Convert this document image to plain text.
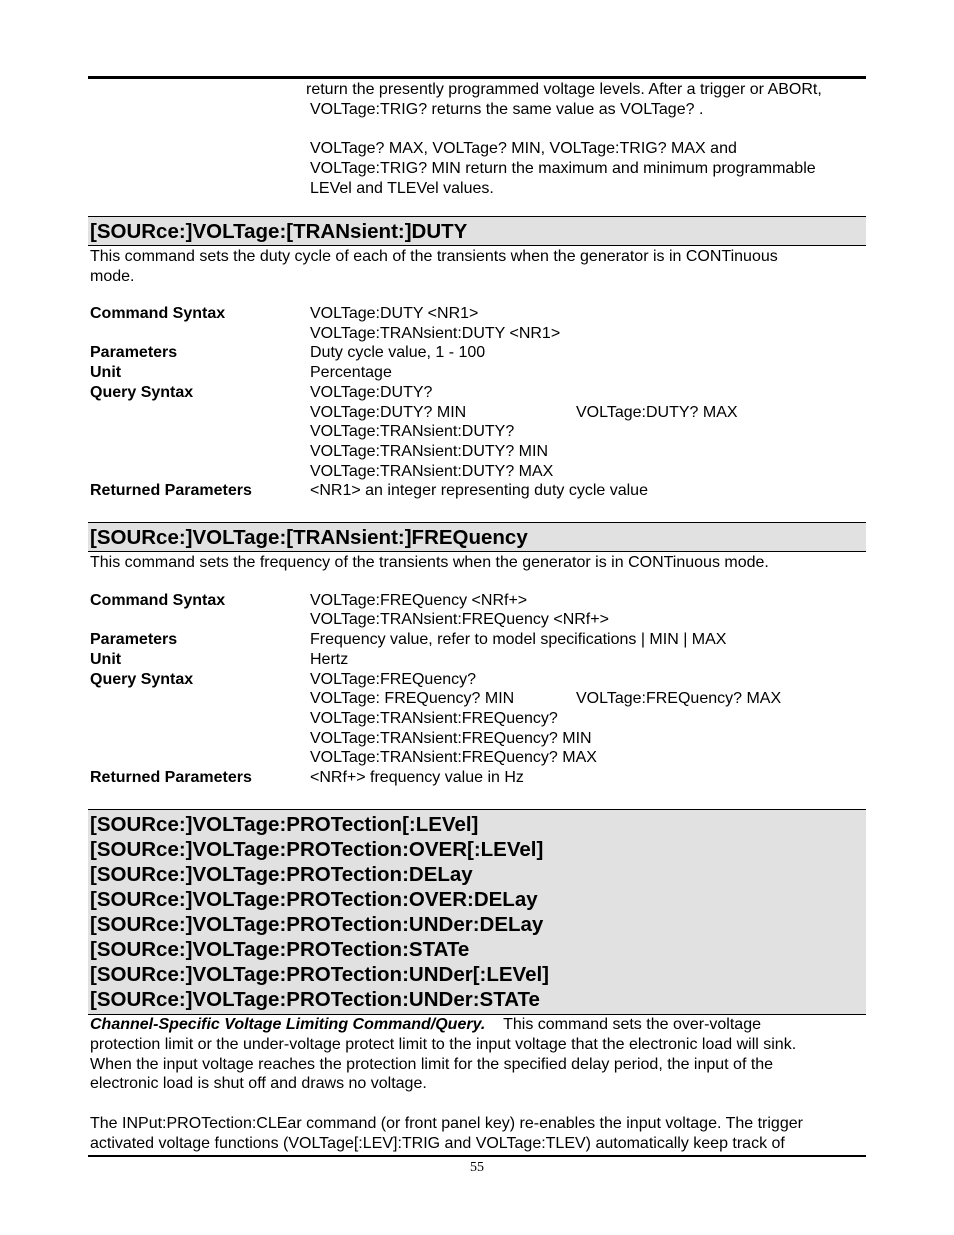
return the presently programmed voltage levels. After a trigger or ABORt,
VOLTage:TRIG? returns the same value as VOLTage? .
VOLTage? MAX, VOLTage? MIN, VOLTage:TRIG? MAX and
VOLTage:TRIG? MIN return the maximum and minimum programmable
LEVel and TLEVel values.
[SOURce:]VOLTage:[TRANsient:]DUTY
This command sets the duty cycle of each of the transients when the generator is in CONTinuous
mode.
Command Syntax	VOLTage:DUTY <NR1>
VOLTage:TRANsient:DUTY <NR1>
Parameters	Duty cycle value, 1 - 100
Unit	Percentage
Query Syntax	VOLTage:DUTY?
VOLTage:DUTY? MIN	VOLTage:DUTY? MAX
VOLTage:TRANsient:DUTY?
VOLTage:TRANsient:DUTY? MIN
VOLTage:TRANsient:DUTY? MAX
Returned Parameters	<NR1> an integer representing duty cycle value
[SOURce:]VOLTage:[TRANsient:]FREQuency
This command sets the frequency of the transients when the generator is in CONTinuous mode.
Command Syntax	VOLTage:FREQuency <NRf+>
VOLTage:TRANsient:FREQuency <NRf+>
Parameters	Frequency value, refer to model specifications | MIN | MAX
Unit	Hertz
Query Syntax	VOLTage:FREQuency?
VOLTage: FREQuency? MIN	VOLTage:FREQuency? MAX
VOLTage:TRANsient:FREQuency?
VOLTage:TRANsient:FREQuency? MIN
VOLTage:TRANsient:FREQuency? MAX
Returned Parameters	<NRf+> frequency value in Hz
[SOURce:]VOLTage:PROTection[:LEVel]
[SOURce:]VOLTage:PROTection:OVER[:LEVel]
[SOURce:]VOLTage:PROTection:DELay
[SOURce:]VOLTage:PROTection:OVER:DELay
[SOURce:]VOLTage:PROTection:UNDer:DELay
[SOURce:]VOLTage:PROTection:STATe
[SOURce:]VOLTage:PROTection:UNDer[:LEVel]
[SOURce:]VOLTage:PROTection:UNDer:STATe
Channel-Specific Voltage Limiting Command/Query. This command sets the over-voltage
protection limit or the under-voltage protect limit to the input voltage that the electronic load will sink.
When the input voltage reaches the protection limit for the specified delay period, the input of the
electronic load is shut off and draws no voltage.
The INPut:PROTection:CLEar command (or front panel key) re-enables the input voltage. The trigger
activated voltage functions (VOLTage[:LEV]:TRIG and VOLTage:TLEV) automatically keep track of
55
